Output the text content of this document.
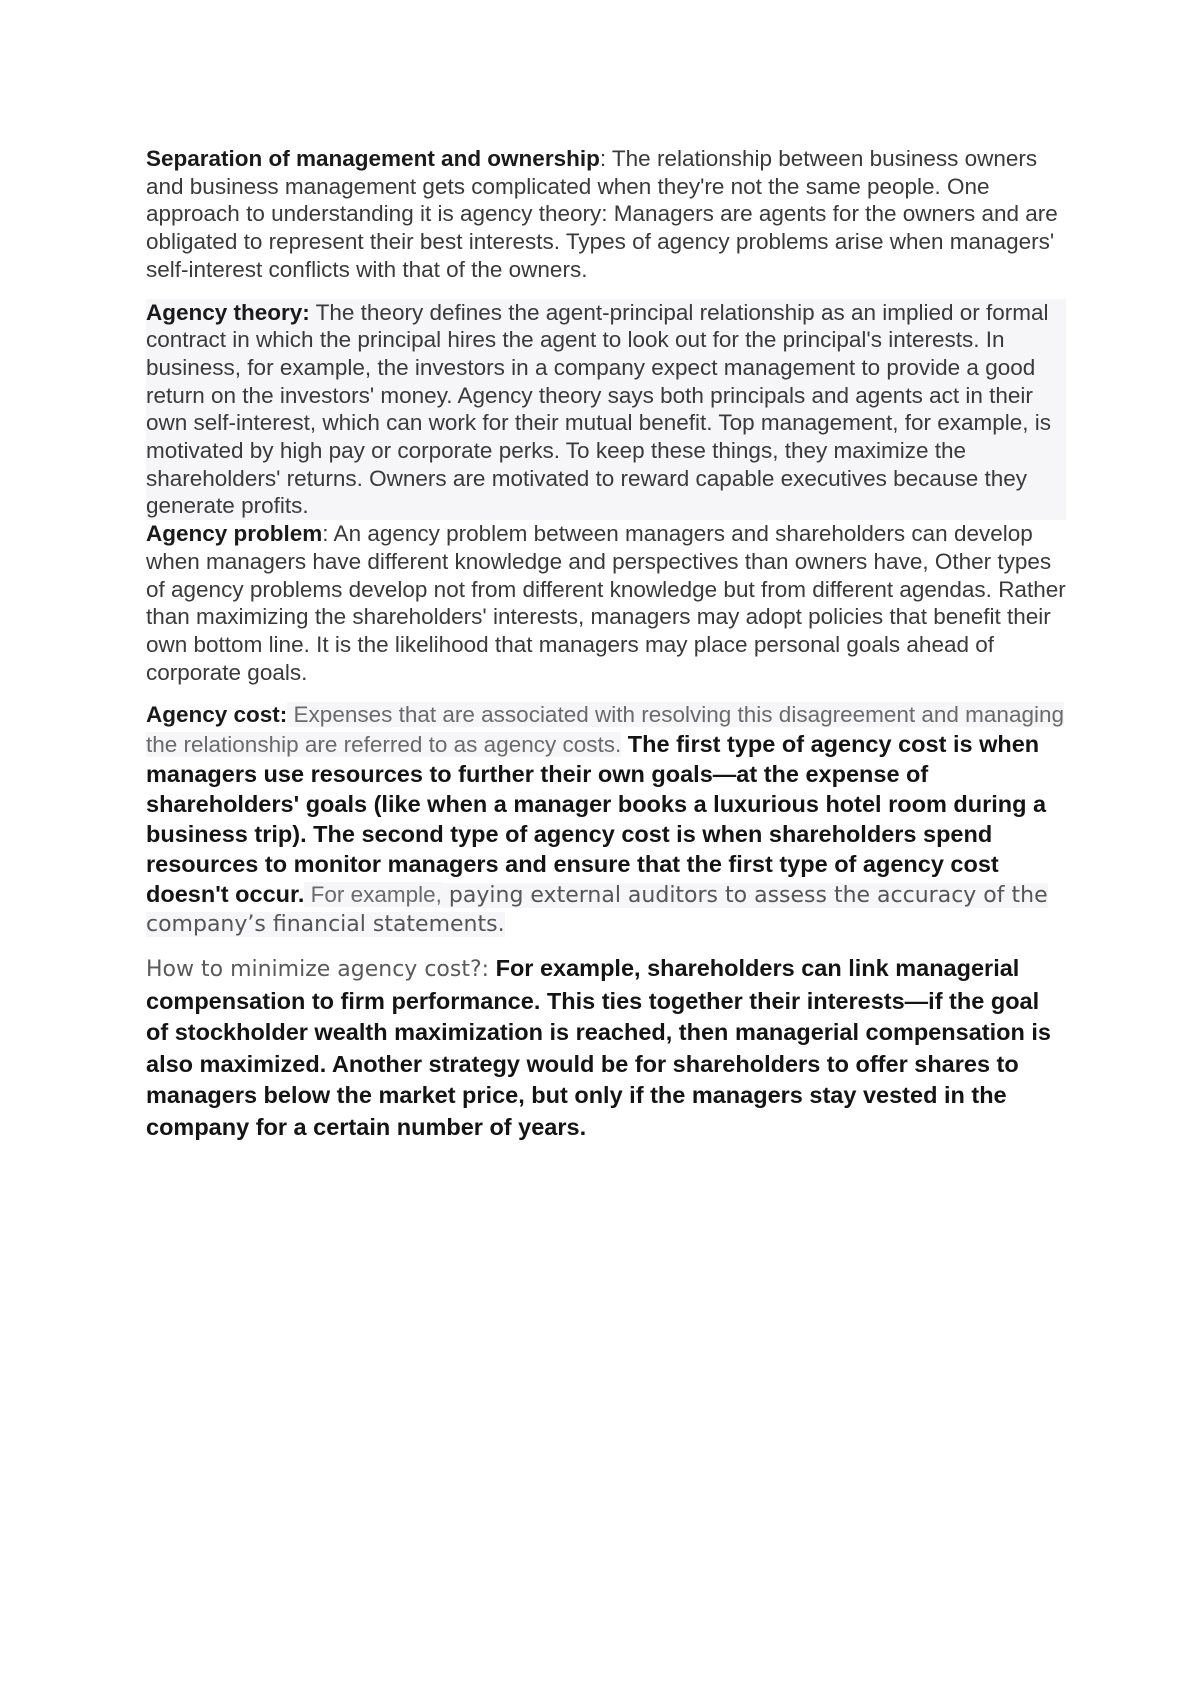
Separation of management and ownership: The relationship between business owners and business management gets complicated when they're not the same people. One approach to understanding it is agency theory: Managers are agents for the owners and are obligated to represent their best interests. Types of agency problems arise when managers' self-interest conflicts with that of the owners.

Agency theory: The theory defines the agent-principal relationship as an implied or formal contract in which the principal hires the agent to look out for the principal's interests. In business, for example, the investors in a company expect management to provide a good return on the investors' money. Agency theory says both principals and agents act in their own self-interest, which can work for their mutual benefit. Top management, for example, is motivated by high pay or corporate perks. To keep these things, they maximize the shareholders' returns. Owners are motivated to reward capable executives because they generate profits.

Agency problem: An agency problem between managers and shareholders can develop when managers have different knowledge and perspectives than owners have, Other types of agency problems develop not from different knowledge but from different agendas. Rather than maximizing the shareholders' interests, managers may adopt policies that benefit their own bottom line. It is the likelihood that managers may place personal goals ahead of corporate goals.

Agency cost: Expenses that are associated with resolving this disagreement and managing the relationship are referred to as agency costs. The first type of agency cost is when managers use resources to further their own goals—at the expense of shareholders' goals (like when a manager books a luxurious hotel room during a business trip). The second type of agency cost is when shareholders spend resources to monitor managers and ensure that the first type of agency cost doesn't occur. For example, paying external auditors to assess the accuracy of the company’s financial statements.

How to minimize agency cost?: For example, shareholders can link managerial compensation to firm performance. This ties together their interests—if the goal of stockholder wealth maximization is reached, then managerial compensation is also maximized. Another strategy would be for shareholders to offer shares to managers below the market price, but only if the managers stay vested in the company for a certain number of years.
